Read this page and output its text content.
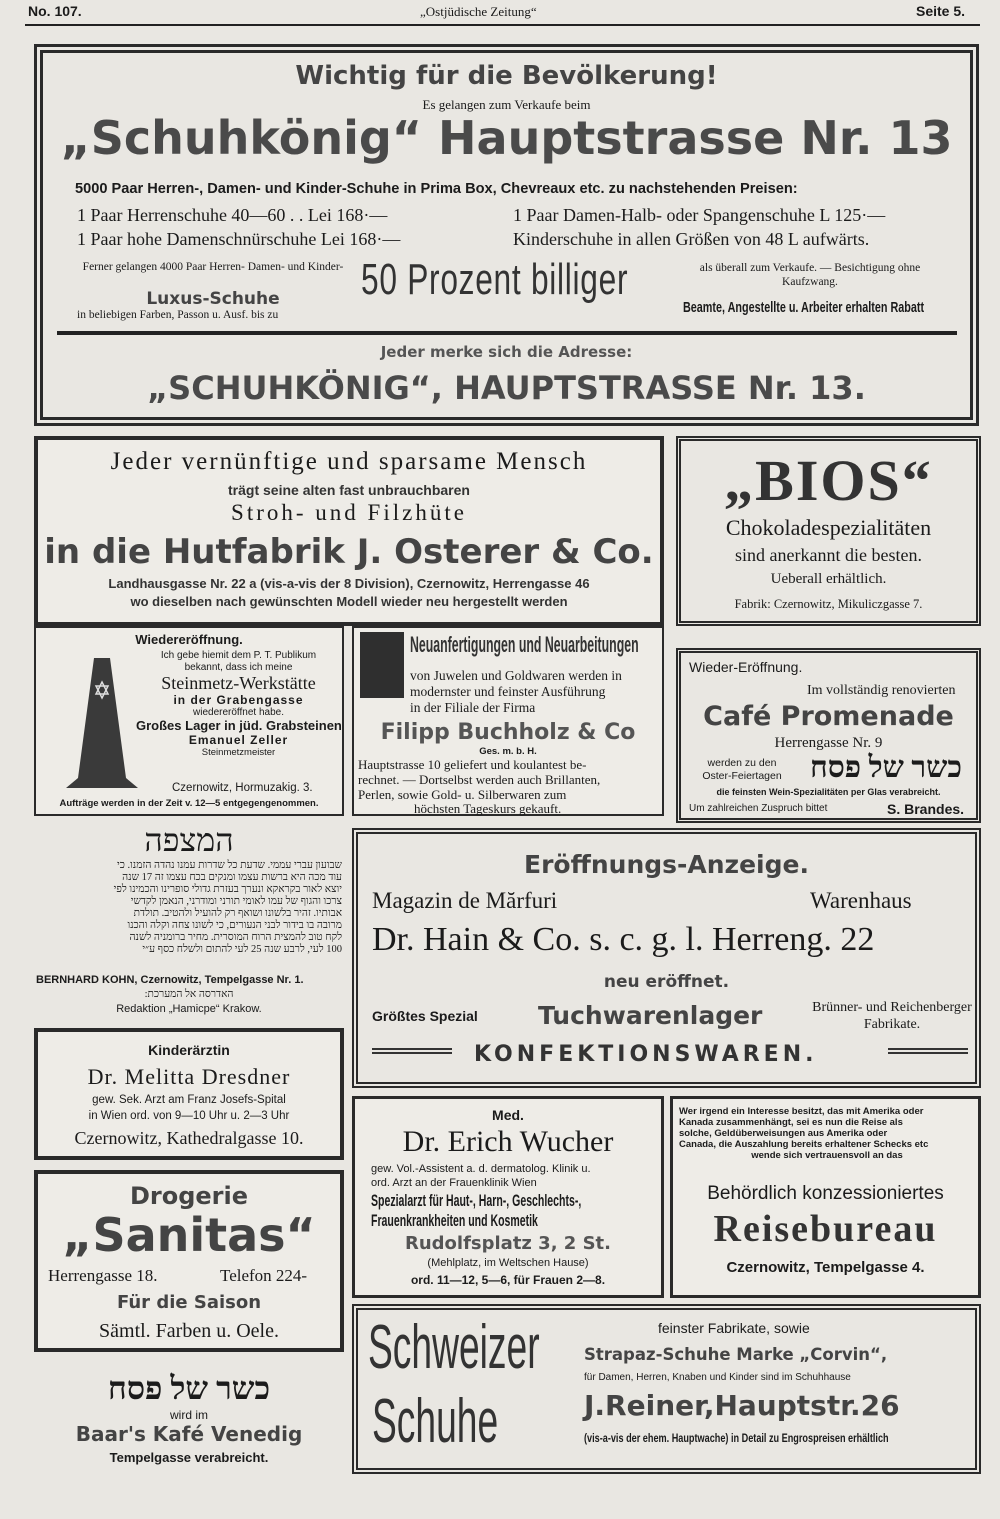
No. 107.	„Ostjüdische Zeitung“	Seite 5.
Wichtig für die Bevölkerung!
Es gelangen zum Verkaufe beim
„Schuhkönig“ Hauptstrasse Nr. 13
5000 Paar Herren-, Damen- und Kinder-Schuhe in Prima Box, Chevreaux etc. zu nachstehenden Preisen:
1 Paar Herrenschuhe 40—60 . . Lei 168·—	1 Paar Damen-Halb- oder Spangenschuhe L 125·—
1 Paar hohe Damenschnürschuhe Lei 168·—	Kinderschuhe in allen Größen von 48 L aufwärts.
Ferner gelangen 4000 Paar Herren- Damen- und Kinder-
Luxus-Schuhe
in beliebigen Farben, Passon u. Ausf. bis zu
50 Prozent billiger	als überall zum Verkaufe. — Besichtigung ohne Kaufzwang.
Beamte, Angestellte u. Arbeiter erhalten Rabatt
Jeder merke sich die Adresse:
„SCHUHKÖNIG“, HAUPTSTRASSE Nr. 13.
Jeder vernünftige und sparsame Mensch
trägt seine alten fast unbrauchbaren
Stroh- und Filzhüte
in die Hutfabrik J. Osterer & Co.
Landhausgasse Nr. 22 a (vis-a-vis der 8 Division), Czernowitz, Herrengasse 46
wo dieselben nach gewünschten Modell wieder neu hergestellt werden
„BIOS“
Chokoladespezialitäten
sind anerkannt die besten.
Ueberall erhältlich.
Fabrik: Czernowitz, Mikuliczgasse 7.
Wiedereröffnung.
Ich gebe hiemit dem P. T. Publikum
bekannt, dass ich meine
Steinmetz-Werkstätte
in der Grabengasse
wiedereröffnet habe.
Großes Lager in jüd. Grabsteinen
Emanuel Zeller
Steinmetzmeister
Czernowitz, Hormuzakig. 3.
Aufträge werden in der Zeit v. 12—5 entgegengenommen.
Neuanfertigungen und Neuarbeitungen
von Juwelen und Goldwaren werden in
modernster und feinster Ausführung
in der Filiale der Firma
Filipp Buchholz & Co
Ges. m. b. H.
Hauptstrasse 10 geliefert und koulantest be-
rechnet. — Dortselbst werden auch Brillanten,
Perlen, sowie Gold- u. Silberwaren zum
höchsten Tageskurs gekauft.
Wieder-Eröffnung.
Im vollständig renovierten
Café Promenade
Herrengasse Nr. 9
werden zu den Oster-Feiertagen כשר של פסח
die feinsten Wein-Spezialitäten per Glas verabreicht.
Um zahlreichen Zuspruch bittet	S. Brandes.
המצפה
שבועון עברי עממי. שדעת כל שדרות עמנו נהדה הזמנו. כי
עוד מכה היא ברשות עצמו ומנקים בכח עצמו זה 17 שנה
יוצא לאור בקראקא ונערך בעזרת גדולי סופרינו והכמינו לפי
צרכו והגוף של עמו לאומי תורני ומודרני, הנאמן לקדשי
אבותיו. זהיר בלשונו ושואף רק להועיל ולהטיב. תולדת
מרובה בו בידור לבני הנעורים, כי לשונו צחה וקלה והכנו
לקח טוב להמצית הרוח המוסרית. מחיר ברומניה לשנה
100 לעי, לרבע שנה 25 לעי להתום ולשלח כסף ע״י
BERNHARD KOHN, Czernowitz, Tempelgasse Nr. 1.
האדרסה אל המערכת:
Redaktion „Hamicpe“ Krakow.
Eröffnungs-Anzeige.
Magazin de Mărfuri	Warenhaus
Dr. Hain & Co. s. c. g. l. Herreng. 22
neu eröffnet.
Größtes Spezial Tuchwarenlager	Brünner- und Reichenberger Fabrikate.
KONFEKTIONSWAREN.
Kinderärztin
Dr. Melitta Dresdner
gew. Sek. Arzt am Franz Josefs-Spital
in Wien ord. von 9—10 Uhr u. 2—3 Uhr
Czernowitz, Kathedralgasse 10.
Med.
Dr. Erich Wucher
gew. Vol.-Assistent a. d. dermatolog. Klinik u.
ord. Arzt an der Frauenklinik Wien
Spezialarzt für Haut-, Harn-, Geschlechts-,
Frauenkrankheiten und Kosmetik
Rudolfsplatz 3, 2 St.
(Mehlplatz, im Weltschen Hause)
ord. 11—12, 5—6, für Frauen 2—8.
Wer irgend ein Interesse besitzt, das mit Amerika oder
Kanada zusammenhängt, sei es nun die Reise als
solche, Geldüberweisungen aus Amerika oder
Canada, die Auszahlung bereits erhaltener Schecks etc
wende sich vertrauensvoll an das
Behördlich konzessioniertes
Reisebureau
Czernowitz, Tempelgasse 4.
Drogerie
„Sanitas“
Herrengasse 18.	Telefon 224-
Für die Saison
Sämtl. Farben u. Oele.
כשר של פסח
wird im
Baar's Kafé Venedig
Tempelgasse verabreicht.
Schweizer
Schuhe
feinster Fabrikate, sowie
Strapaz-Schuhe Marke „Corvin“,
für Damen, Herren, Knaben und Kinder sind im Schuhhause
J.Reiner,Hauptstr.26
(vis-a-vis der ehem. Hauptwache) in Detail zu Engrospreisen erhältlich
